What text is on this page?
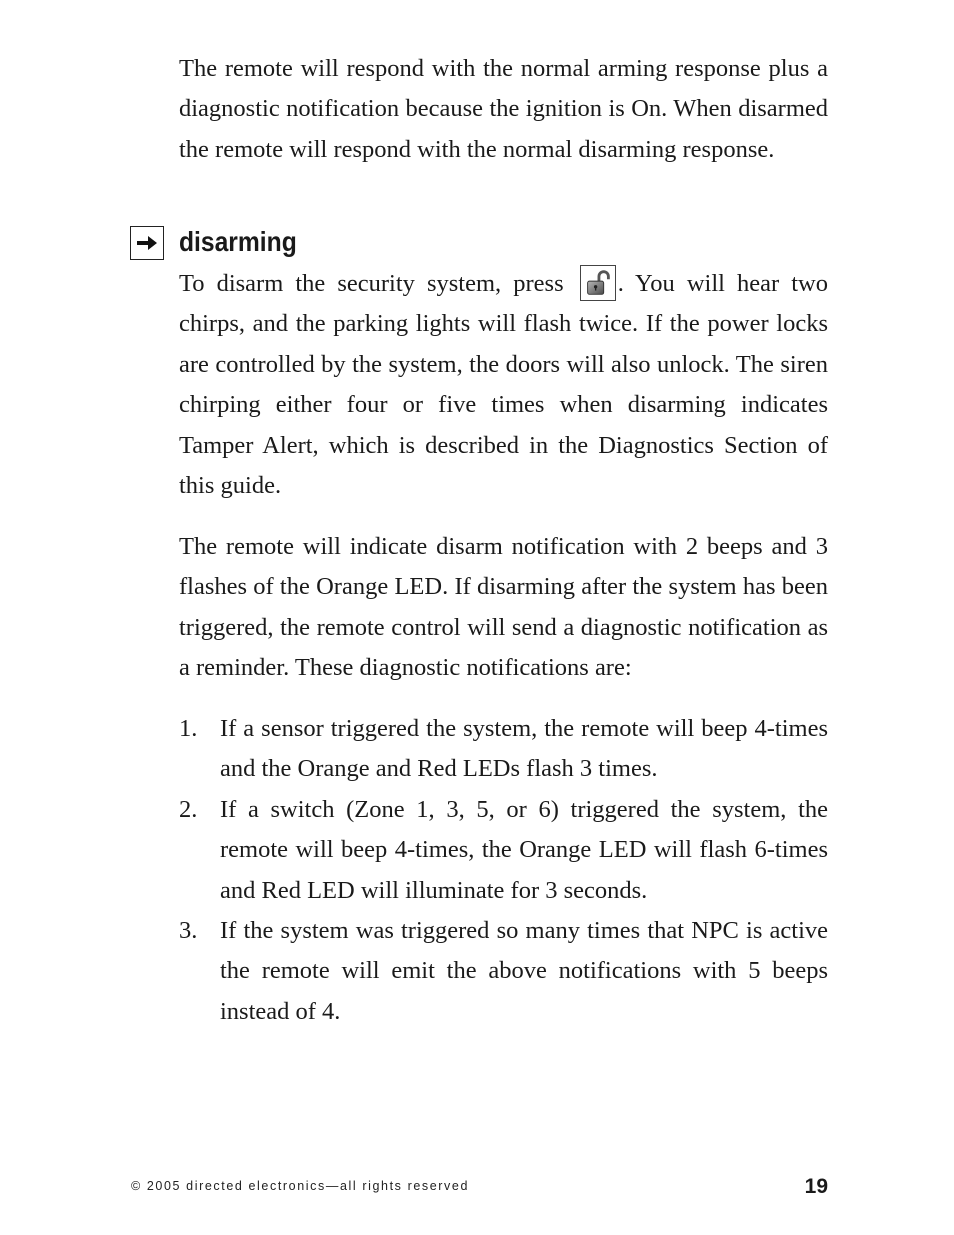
The remote will respond with the normal arming response plus a diagnostic notification because the ignition is On. When disarmed the remote will respond with the normal disarming response.

disarming

To disarm the security system, press . You will hear two chirps, and the parking lights will flash twice. If the power locks are controlled by the system, the doors will also unlock. The siren chirping either four or five times when disarming indicates Tamper Alert, which is described in the Diagnostics Section of this guide.

The remote will indicate disarm notification with 2 beeps and 3 flashes of the Orange LED. If disarming after the system has been triggered, the remote control will send a diagnostic notification as a reminder. These diagnostic notifications are:

1. If a sensor triggered the system, the remote will beep 4-times and the Orange and Red LEDs flash 3 times.
2. If a switch (Zone 1, 3, 5, or 6) triggered the system, the remote will beep 4-times, the Orange LED will flash 6-times and Red LED will illuminate for 3 seconds.
3. If the system was triggered so many times that NPC is active the remote will emit the above notifications with 5 beeps instead of 4.

© 2005 directed electronics—all rights reserved	19
